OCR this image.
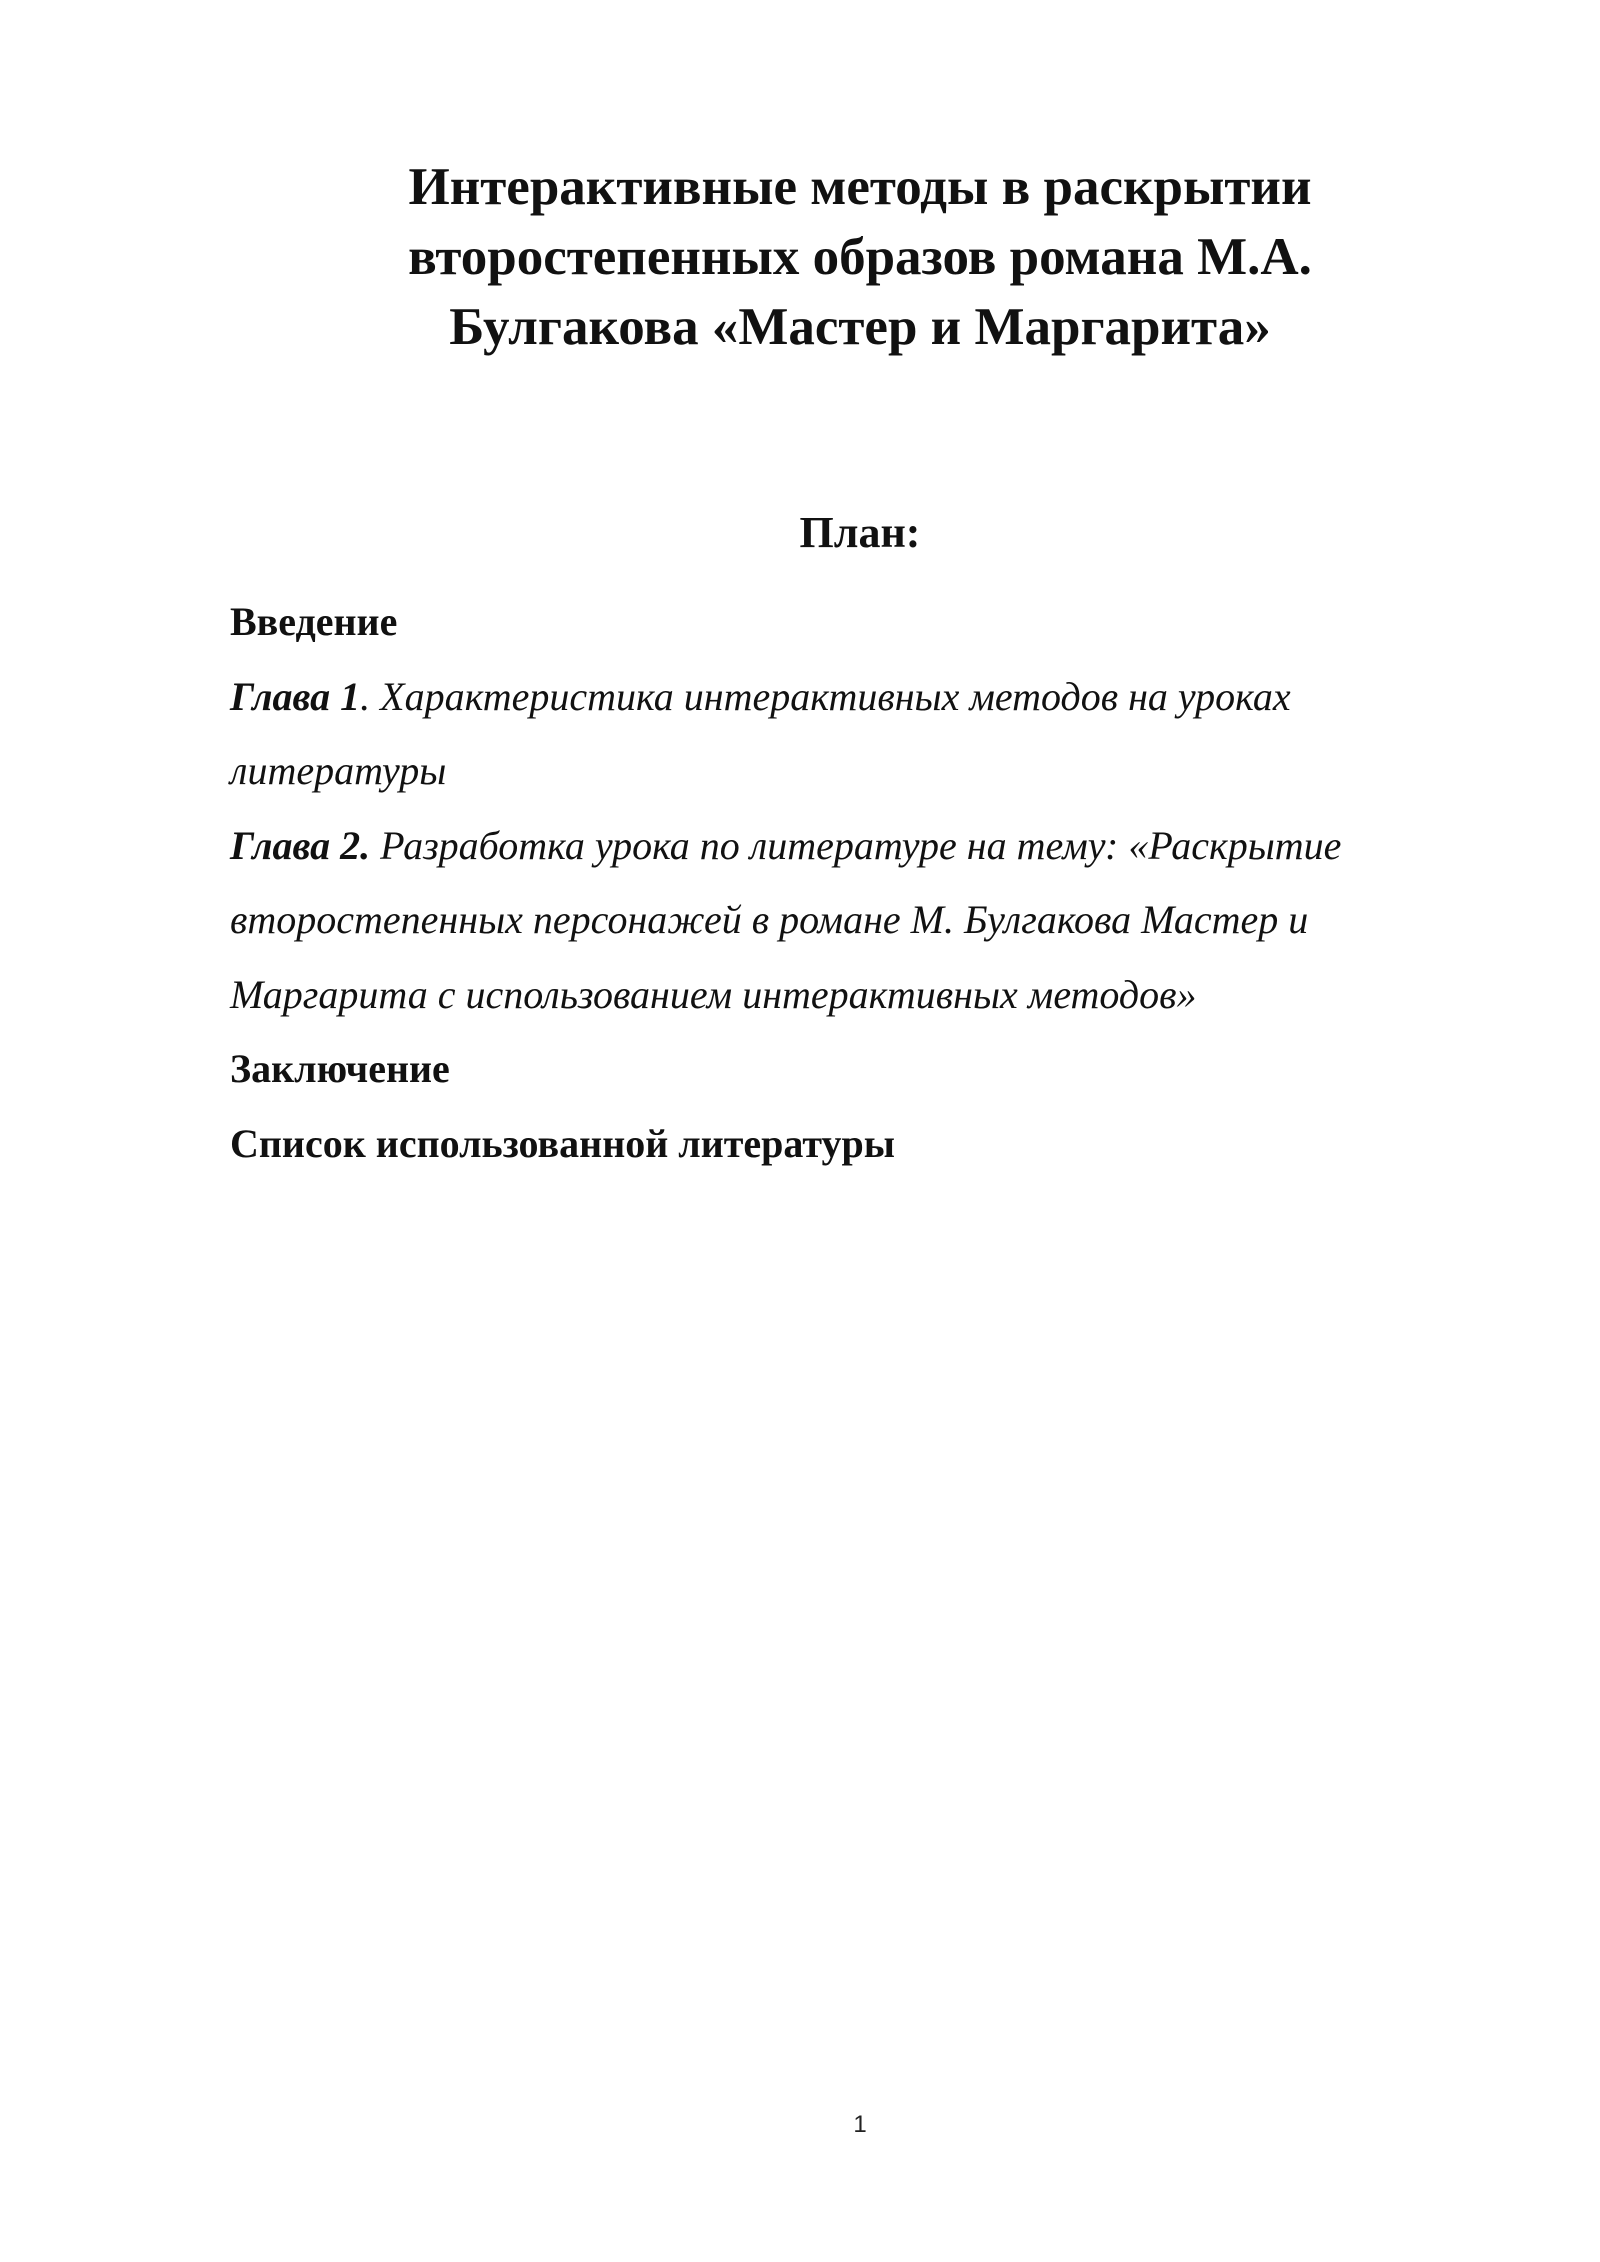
Интерактивные методы в раскрытии
второстепенных образов романа М.А.
Булгакова «Мастер и Маргарита»
План:
Введение
Глава 1. Характеристика интерактивных методов на уроках
литературы
Глава 2. Разработка урока по литературе на тему: «Раскрытие
второстепенных персонажей в романе М. Булгакова Мастер и
Маргарита с использованием интерактивных методов»
Заключение
Список использованной литературы
1
